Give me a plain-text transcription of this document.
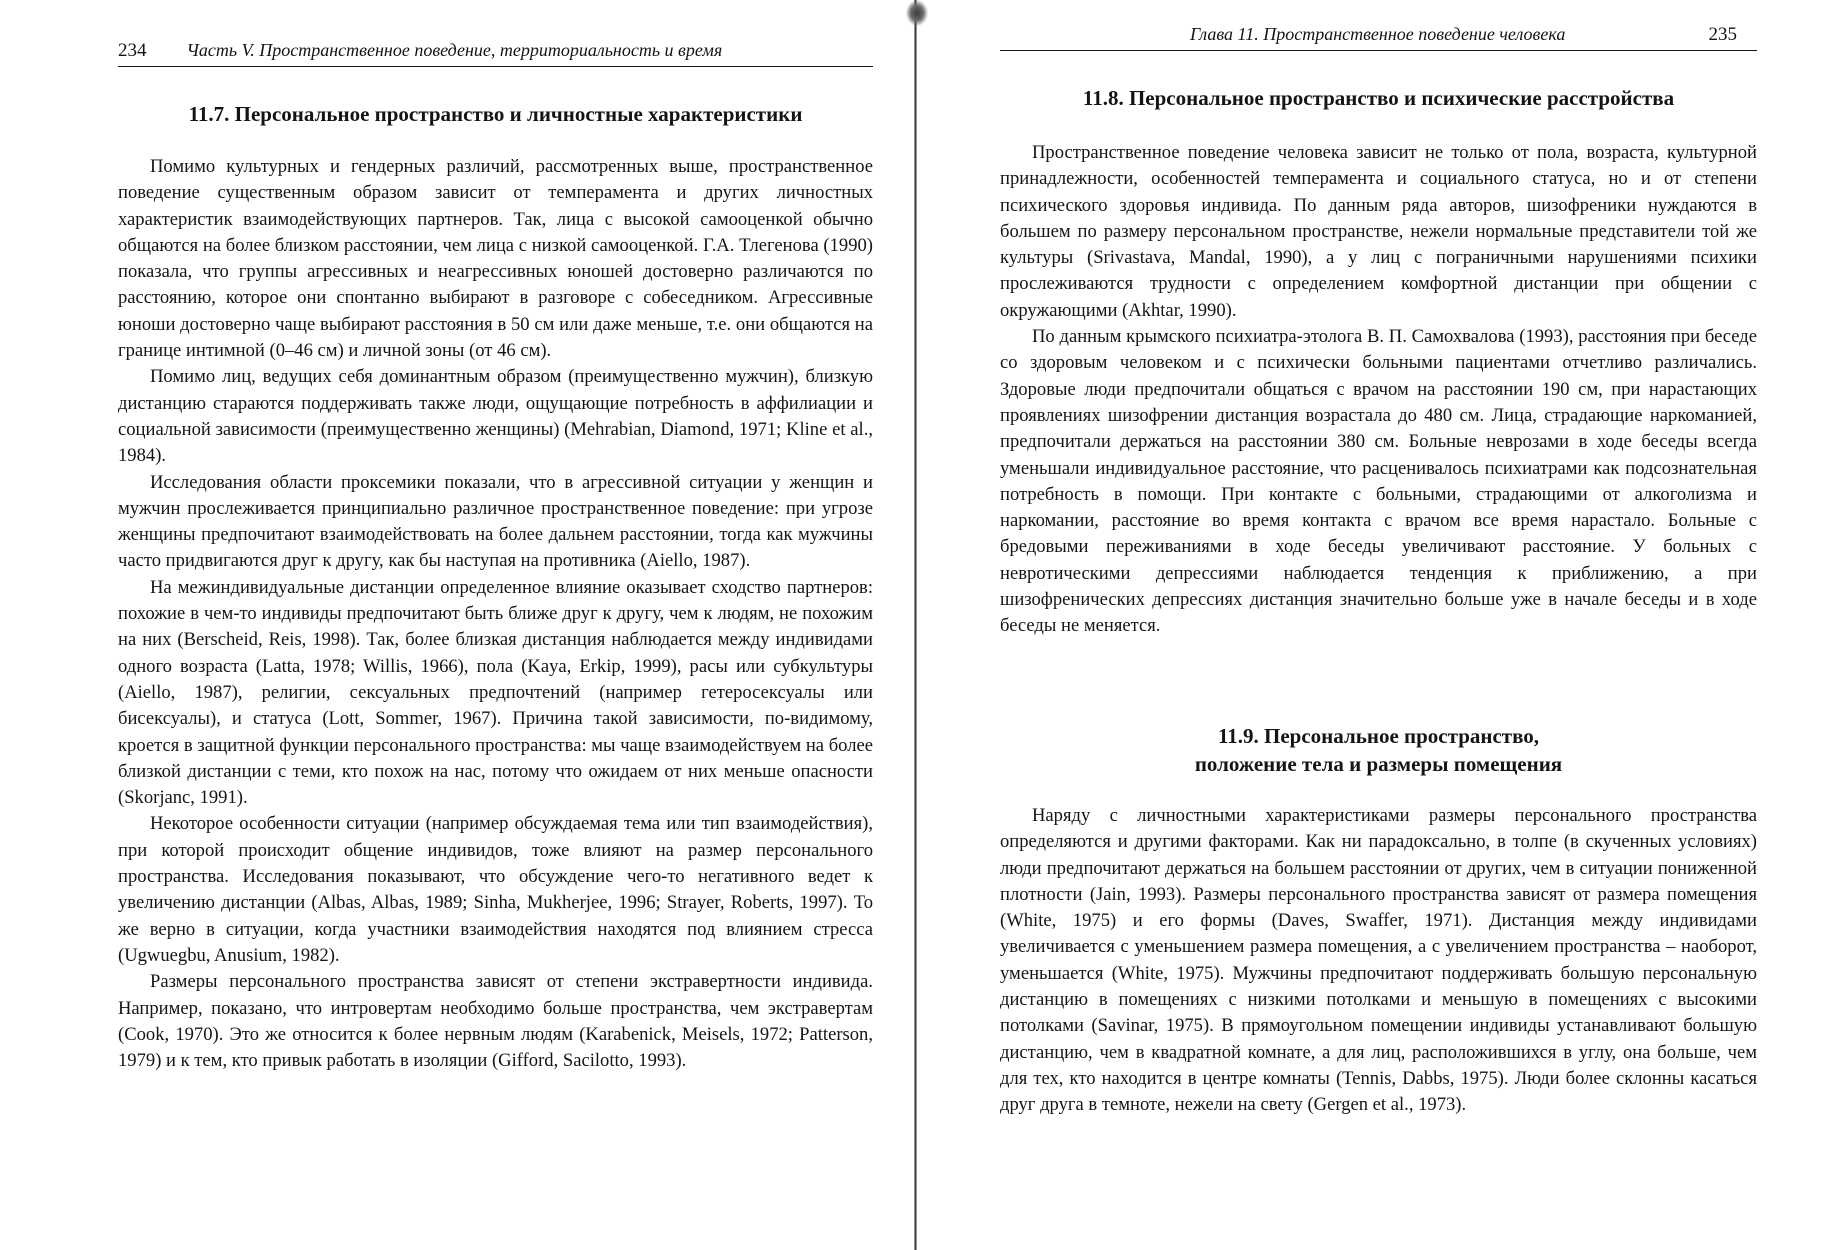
234 Часть V. Пространственное поведение, территориальность и время
11.7. Персональное пространство и личностные характеристики

Помимо культурных и гендерных различий, рассмотренных выше, пространственное поведение существенным образом зависит от темперамента и других личностных характеристик взаимодействующих партнеров. Так, лица с высокой самооценкой обычно общаются на более близком расстоянии, чем лица с низкой самооценкой. Г.А. Тлегенова (1990) показала, что группы агрессивных и неагрессивных юношей достоверно различаются по расстоянию, которое они спонтанно выбирают в разговоре с собеседником. Агрессивные юноши достоверно чаще выбирают расстояния в 50 см или даже меньше, т.е. они общаются на границе интимной (0–46 см) и личной зоны (от 46 см).

Помимо лиц, ведущих себя доминантным образом (преимущественно мужчин), близкую дистанцию стараются поддерживать также люди, ощущающие потребность в аффилиации и социальной зависимости (преимущественно женщины) (Mehrabian, Diamond, 1971; Kline et al., 1984).

Исследования области проксемики показали, что в агрессивной ситуации у женщин и мужчин прослеживается принципиально различное пространственное поведение: при угрозе женщины предпочитают взаимодействовать на более дальнем расстоянии, тогда как мужчины часто придвигаются друг к другу, как бы наступая на противника (Aiello, 1987).

На межиндивидуальные дистанции определенное влияние оказывает сходство партнеров: похожие в чем-то индивиды предпочитают быть ближе друг к другу, чем к людям, не похожим на них (Berscheid, Reis, 1998). Так, более близкая дистанция наблюдается между индивидами одного возраста (Latta, 1978; Willis, 1966), пола (Kaya, Erkip, 1999), расы или субкультуры (Aiello, 1987), религии, сексуальных предпочтений (например гетеросексуалы или бисексуалы), и статуса (Lott, Sommer, 1967). Причина такой зависимости, по-видимому, кроется в защитной функции персонального пространства: мы чаще взаимодействуем на более близкой дистанции с теми, кто похож на нас, потому что ожидаем от них меньше опасности (Skorjanc, 1991).

Некоторое особенности ситуации (например обсуждаемая тема или тип взаимодействия), при которой происходит общение индивидов, тоже влияют на размер персонального пространства. Исследования показывают, что обсуждение чего-то негативного ведет к увеличению дистанции (Albas, Albas, 1989; Sinha, Mukherjee, 1996; Strayer, Roberts, 1997). То же верно в ситуации, когда участники взаимодействия находятся под влиянием стресса (Ugwuegbu, Anusium, 1982).

Размеры персонального пространства зависят от степени экстравертности индивида. Например, показано, что интровертам необходимо больше пространства, чем экстравертам (Cook, 1970). Это же относится к более нервным людям (Karabenick, Meisels, 1972; Patterson, 1979) и к тем, кто привык работать в изоляции (Gifford, Sacilotto, 1993).

Глава 11. Пространственное поведение человека	235
11.8. Персональное пространство и психические расстройства

Пространственное поведение человека зависит не только от пола, возраста, культурной принадлежности, особенностей темперамента и социального статуса, но и от степени психического здоровья индивида. По данным ряда авторов, шизофреники нуждаются в большем по размеру персональном пространстве, нежели нормальные представители той же культуры (Srivastava, Mandal, 1990), а у лиц с пограничными нарушениями психики прослеживаются трудности с определением комфортной дистанции при общении с окружающими (Akhtar, 1990).

По данным крымского психиатра-этолога В. П. Самохвалова (1993), расстояния при беседе со здоровым человеком и с психически больными пациентами отчетливо различались. Здоровые люди предпочитали общаться с врачом на расстоянии 190 см, при нарастающих проявлениях шизофрении дистанция возрастала до 480 см. Лица, страдающие наркоманией, предпочитали держаться на расстоянии 380 см. Больные неврозами в ходе беседы всегда уменьшали индивидуальное расстояние, что расценивалось психиатрами как подсознательная потребность в помощи. При контакте с больными, страдающими от алкоголизма и наркомании, расстояние во время контакта с врачом все время нарастало. Больные с бредовыми переживаниями в ходе беседы увеличивают расстояние. У больных с невротическими депрессиями наблюдается тенденция к приближению, а при шизофренических депрессиях дистанция значительно больше уже в начале беседы и в ходе беседы не меняется.

11.9. Персональное пространство,
положение тела и размеры помещения

Наряду с личностными характеристиками размеры персонального пространства определяются и другими факторами. Как ни парадоксально, в толпе (в скученных условиях) люди предпочитают держаться на большем расстоянии от других, чем в ситуации пониженной плотности (Jain, 1993). Размеры персонального пространства зависят от размера помещения (White, 1975) и его формы (Daves, Swaffer, 1971). Дистанция между индивидами увеличивается с уменьшением размера помещения, а с увеличением пространства – наоборот, уменьшается (White, 1975). Мужчины предпочитают поддерживать большую персональную дистанцию в помещениях с низкими потолками и меньшую в помещениях с высокими потолками (Savinar, 1975). В прямоугольном помещении индивиды устанавливают большую дистанцию, чем в квадратной комнате, а для лиц, расположившихся в углу, она больше, чем для тех, кто находится в центре комнаты (Tennis, Dabbs, 1975). Люди более склонны касаться друг друга в темноте, нежели на свету (Gergen et al., 1973).
